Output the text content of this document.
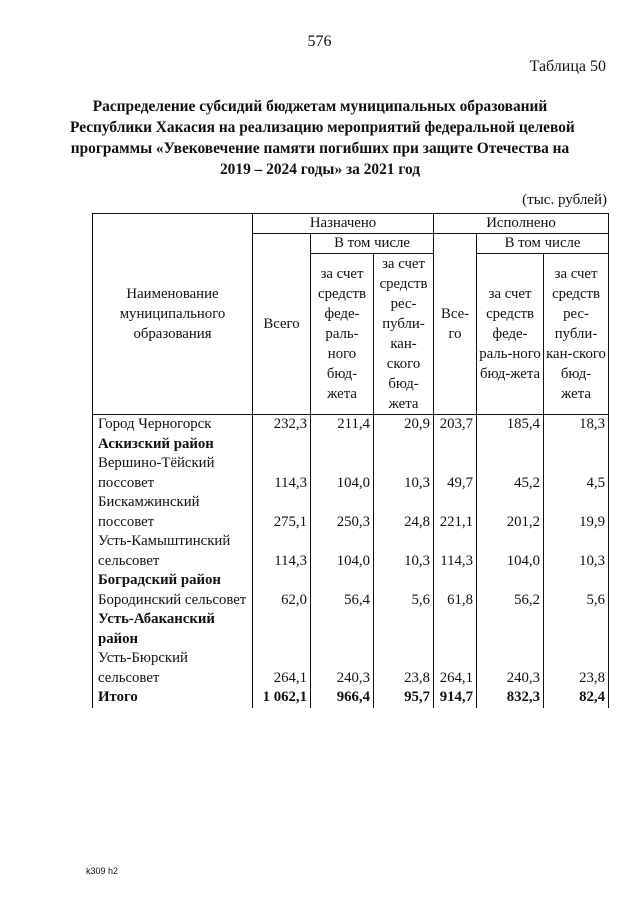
576
Таблица 50
Распределение субсидий бюджетам муниципальных образований
Республики Хакасия на реализацию мероприятий федеральной целевой
программы «Увековечение памяти погибших при защите Отечества на
2019 – 2024 годы» за 2021 год
(тыс. рублей)
Наименование муниципального образования	Назначено			Исполнено		
	Всего	В том числе		Все-го	В том числе	
		за счет средств феде-раль-ного бюд-жета	за счет средств рес-публи-кан-ского бюд-жета		за счет средств феде-раль-ного бюд-жета	за счет средств рес-публи-кан-ского бюд-жета
Город Черногорск	232,3	211,4	20,9	203,7	185,4	18,3
Аскизский район						
Вершино-Тёйский поссовет	114,3	104,0	10,3	49,7	45,2	4,5
Бискамжинский поссовет	275,1	250,3	24,8	221,1	201,2	19,9
Усть-Камыштинский сельсовет	114,3	104,0	10,3	114,3	104,0	10,3
Боградский район						
Бородинский сельсовет	62,0	56,4	5,6	61,8	56,2	5,6
Усть-Абаканский район						
Усть-Бюрский сельсовет	264,1	240,3	23,8	264,1	240,3	23,8
Итого	1 062,1	966,4	95,7	914,7	832,3	82,4
k309 h2
